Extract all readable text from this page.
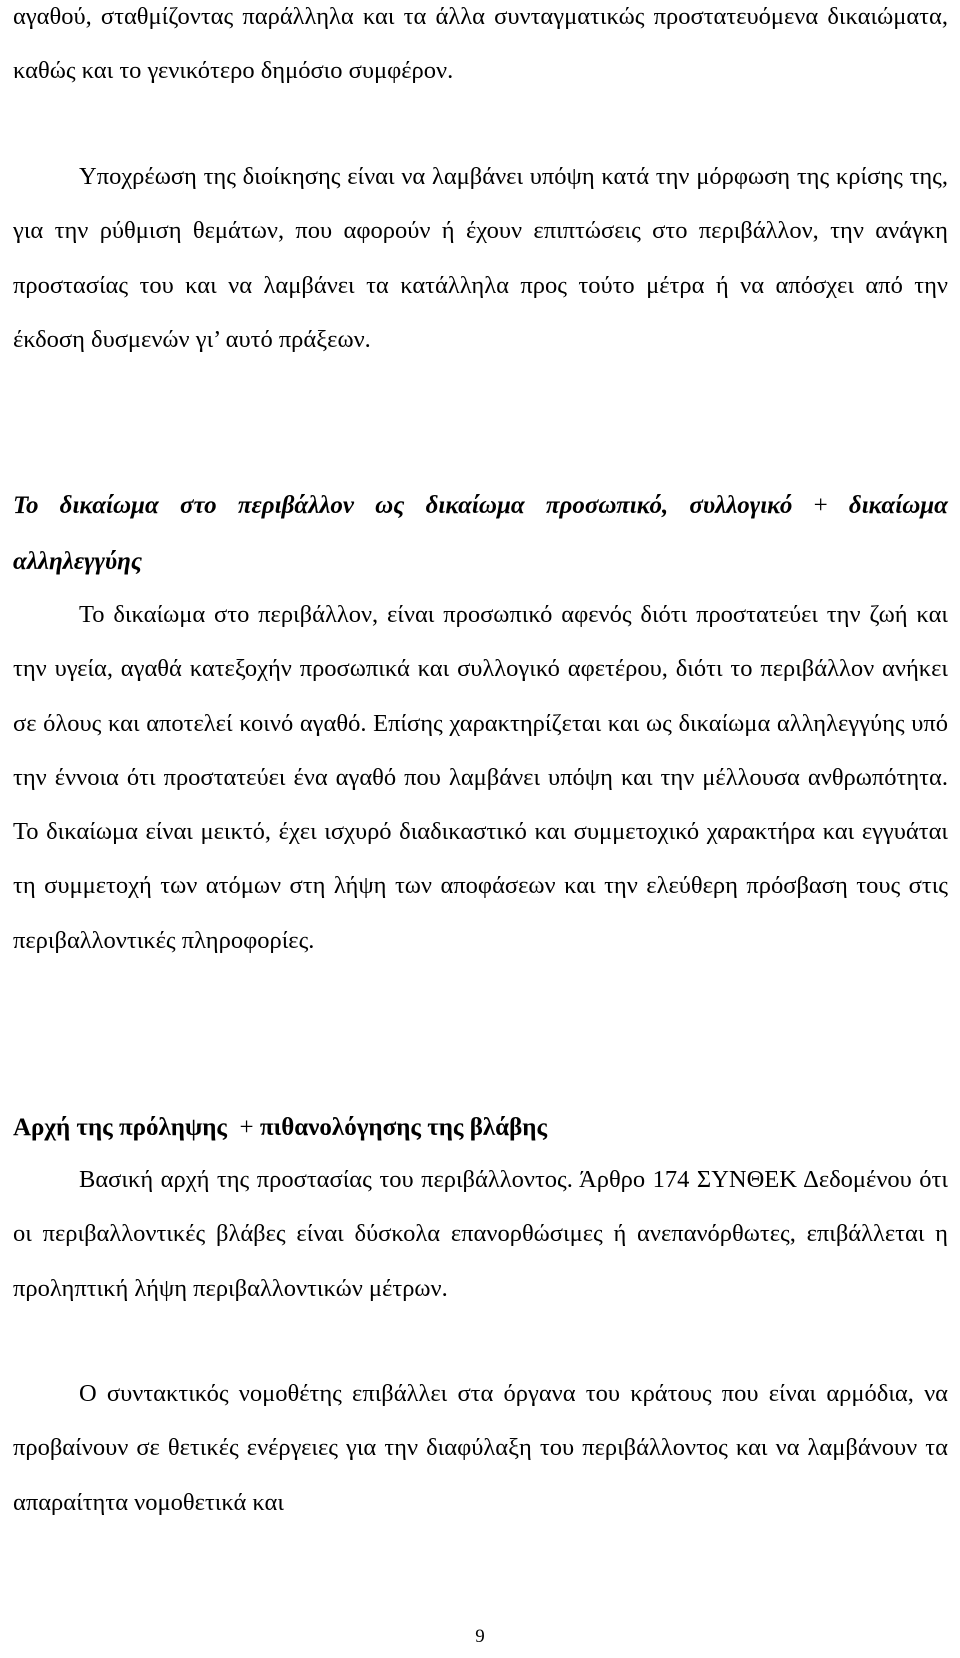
αγαθού, σταθμίζοντας παράλληλα και τα άλλα συνταγματικώς προστατευόμενα δικαιώματα, καθώς και το γενικότερο δημόσιο συμφέρον.

Υποχρέωση της διοίκησης είναι να λαμβάνει υπόψη κατά την μόρφωση της κρίσης της, για την ρύθμιση θεμάτων, που αφορούν ή έχουν επιπτώσεις στο περιβάλλον, την ανάγκη προστασίας του και να λαμβάνει τα κατάλληλα προς τούτο μέτρα ή να απόσχει από την έκδοση δυσμενών γι’ αυτό πράξεων.

Το δικαίωμα στο περιβάλλον ως δικαίωμα προσωπικό, συλλογικό + δικαίωμα αλληλεγγύης

Το δικαίωμα στο περιβάλλον, είναι προσωπικό αφενός διότι προστατεύει την ζωή και την υγεία, αγαθά κατεξοχήν προσωπικά και συλλογικό αφετέρου, διότι το περιβάλλον ανήκει σε όλους και αποτελεί κοινό αγαθό. Επίσης χαρακτηρίζεται και ως δικαίωμα αλληλεγγύης υπό την έννοια ότι προστατεύει ένα αγαθό που λαμβάνει υπόψη και την μέλλουσα ανθρωπότητα. Το δικαίωμα είναι μεικτό, έχει ισχυρό διαδικαστικό και συμμετοχικό χαρακτήρα και εγγυάται τη συμμετοχή των ατόμων στη λήψη των αποφάσεων και την ελεύθερη πρόσβαση τους στις περιβαλλοντικές πληροφορίες.

Αρχή της πρόληψης + πιθανολόγησης της βλάβης

Βασική αρχή της προστασίας του περιβάλλοντος. Άρθρο 174 ΣΥΝΘΕΚ Δεδομένου ότι οι περιβαλλοντικές βλάβες είναι δύσκολα επανορθώσιμες ή ανεπανόρθωτες, επιβάλλεται η προληπτική λήψη περιβαλλοντικών μέτρων.

Ο συντακτικός νομοθέτης επιβάλλει στα όργανα του κράτους που είναι αρμόδια, να προβαίνουν σε θετικές ενέργειες για την διαφύλαξη του περιβάλλοντος και να λαμβάνουν τα απαραίτητα νομοθετικά και

9
